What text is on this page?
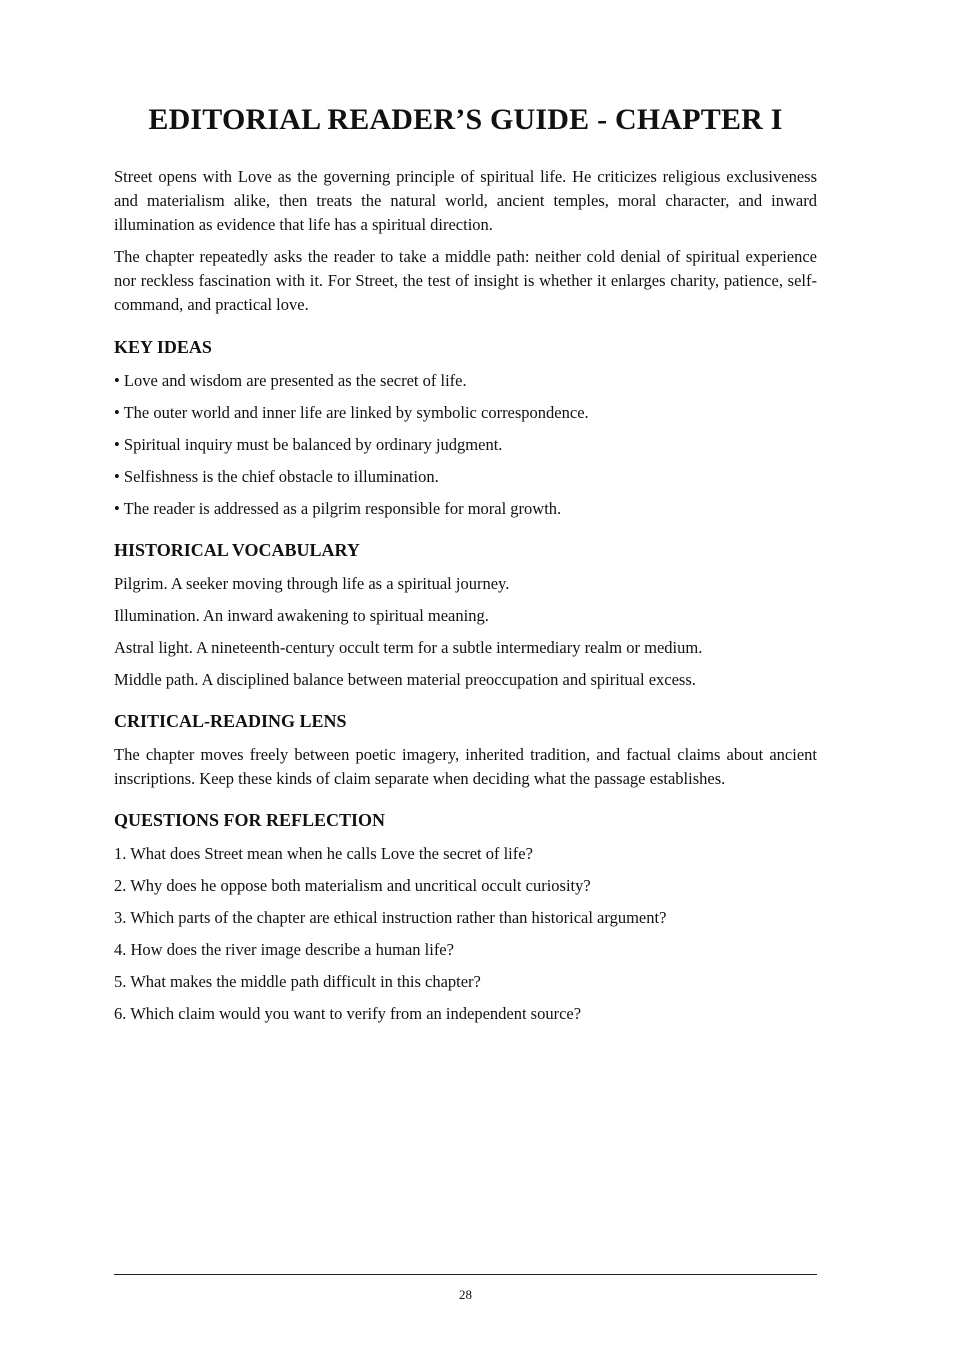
EDITORIAL READER’S GUIDE - CHAPTER I

Street opens with Love as the governing principle of spiritual life. He criticizes religious exclusiveness and materialism alike, then treats the natural world, ancient temples, moral character, and inward illumination as evidence that life has a spiritual direction.

The chapter repeatedly asks the reader to take a middle path: neither cold denial of spiritual experience nor reckless fascination with it. For Street, the test of insight is whether it enlarges charity, patience, self-command, and practical love.

KEY IDEAS

• Love and wisdom are presented as the secret of life.

• The outer world and inner life are linked by symbolic correspondence.

• Spiritual inquiry must be balanced by ordinary judgment.

• Selfishness is the chief obstacle to illumination.

• The reader is addressed as a pilgrim responsible for moral growth.

HISTORICAL VOCABULARY

Pilgrim. A seeker moving through life as a spiritual journey.

Illumination. An inward awakening to spiritual meaning.

Astral light. A nineteenth-century occult term for a subtle intermediary realm or medium.

Middle path. A disciplined balance between material preoccupation and spiritual excess.

CRITICAL-READING LENS

The chapter moves freely between poetic imagery, inherited tradition, and factual claims about ancient inscriptions. Keep these kinds of claim separate when deciding what the passage establishes.

QUESTIONS FOR REFLECTION

1. What does Street mean when he calls Love the secret of life?

2. Why does he oppose both materialism and uncritical occult curiosity?

3. Which parts of the chapter are ethical instruction rather than historical argument?

4. How does the river image describe a human life?

5. What makes the middle path difficult in this chapter?

6. Which claim would you want to verify from an independent source?

28
